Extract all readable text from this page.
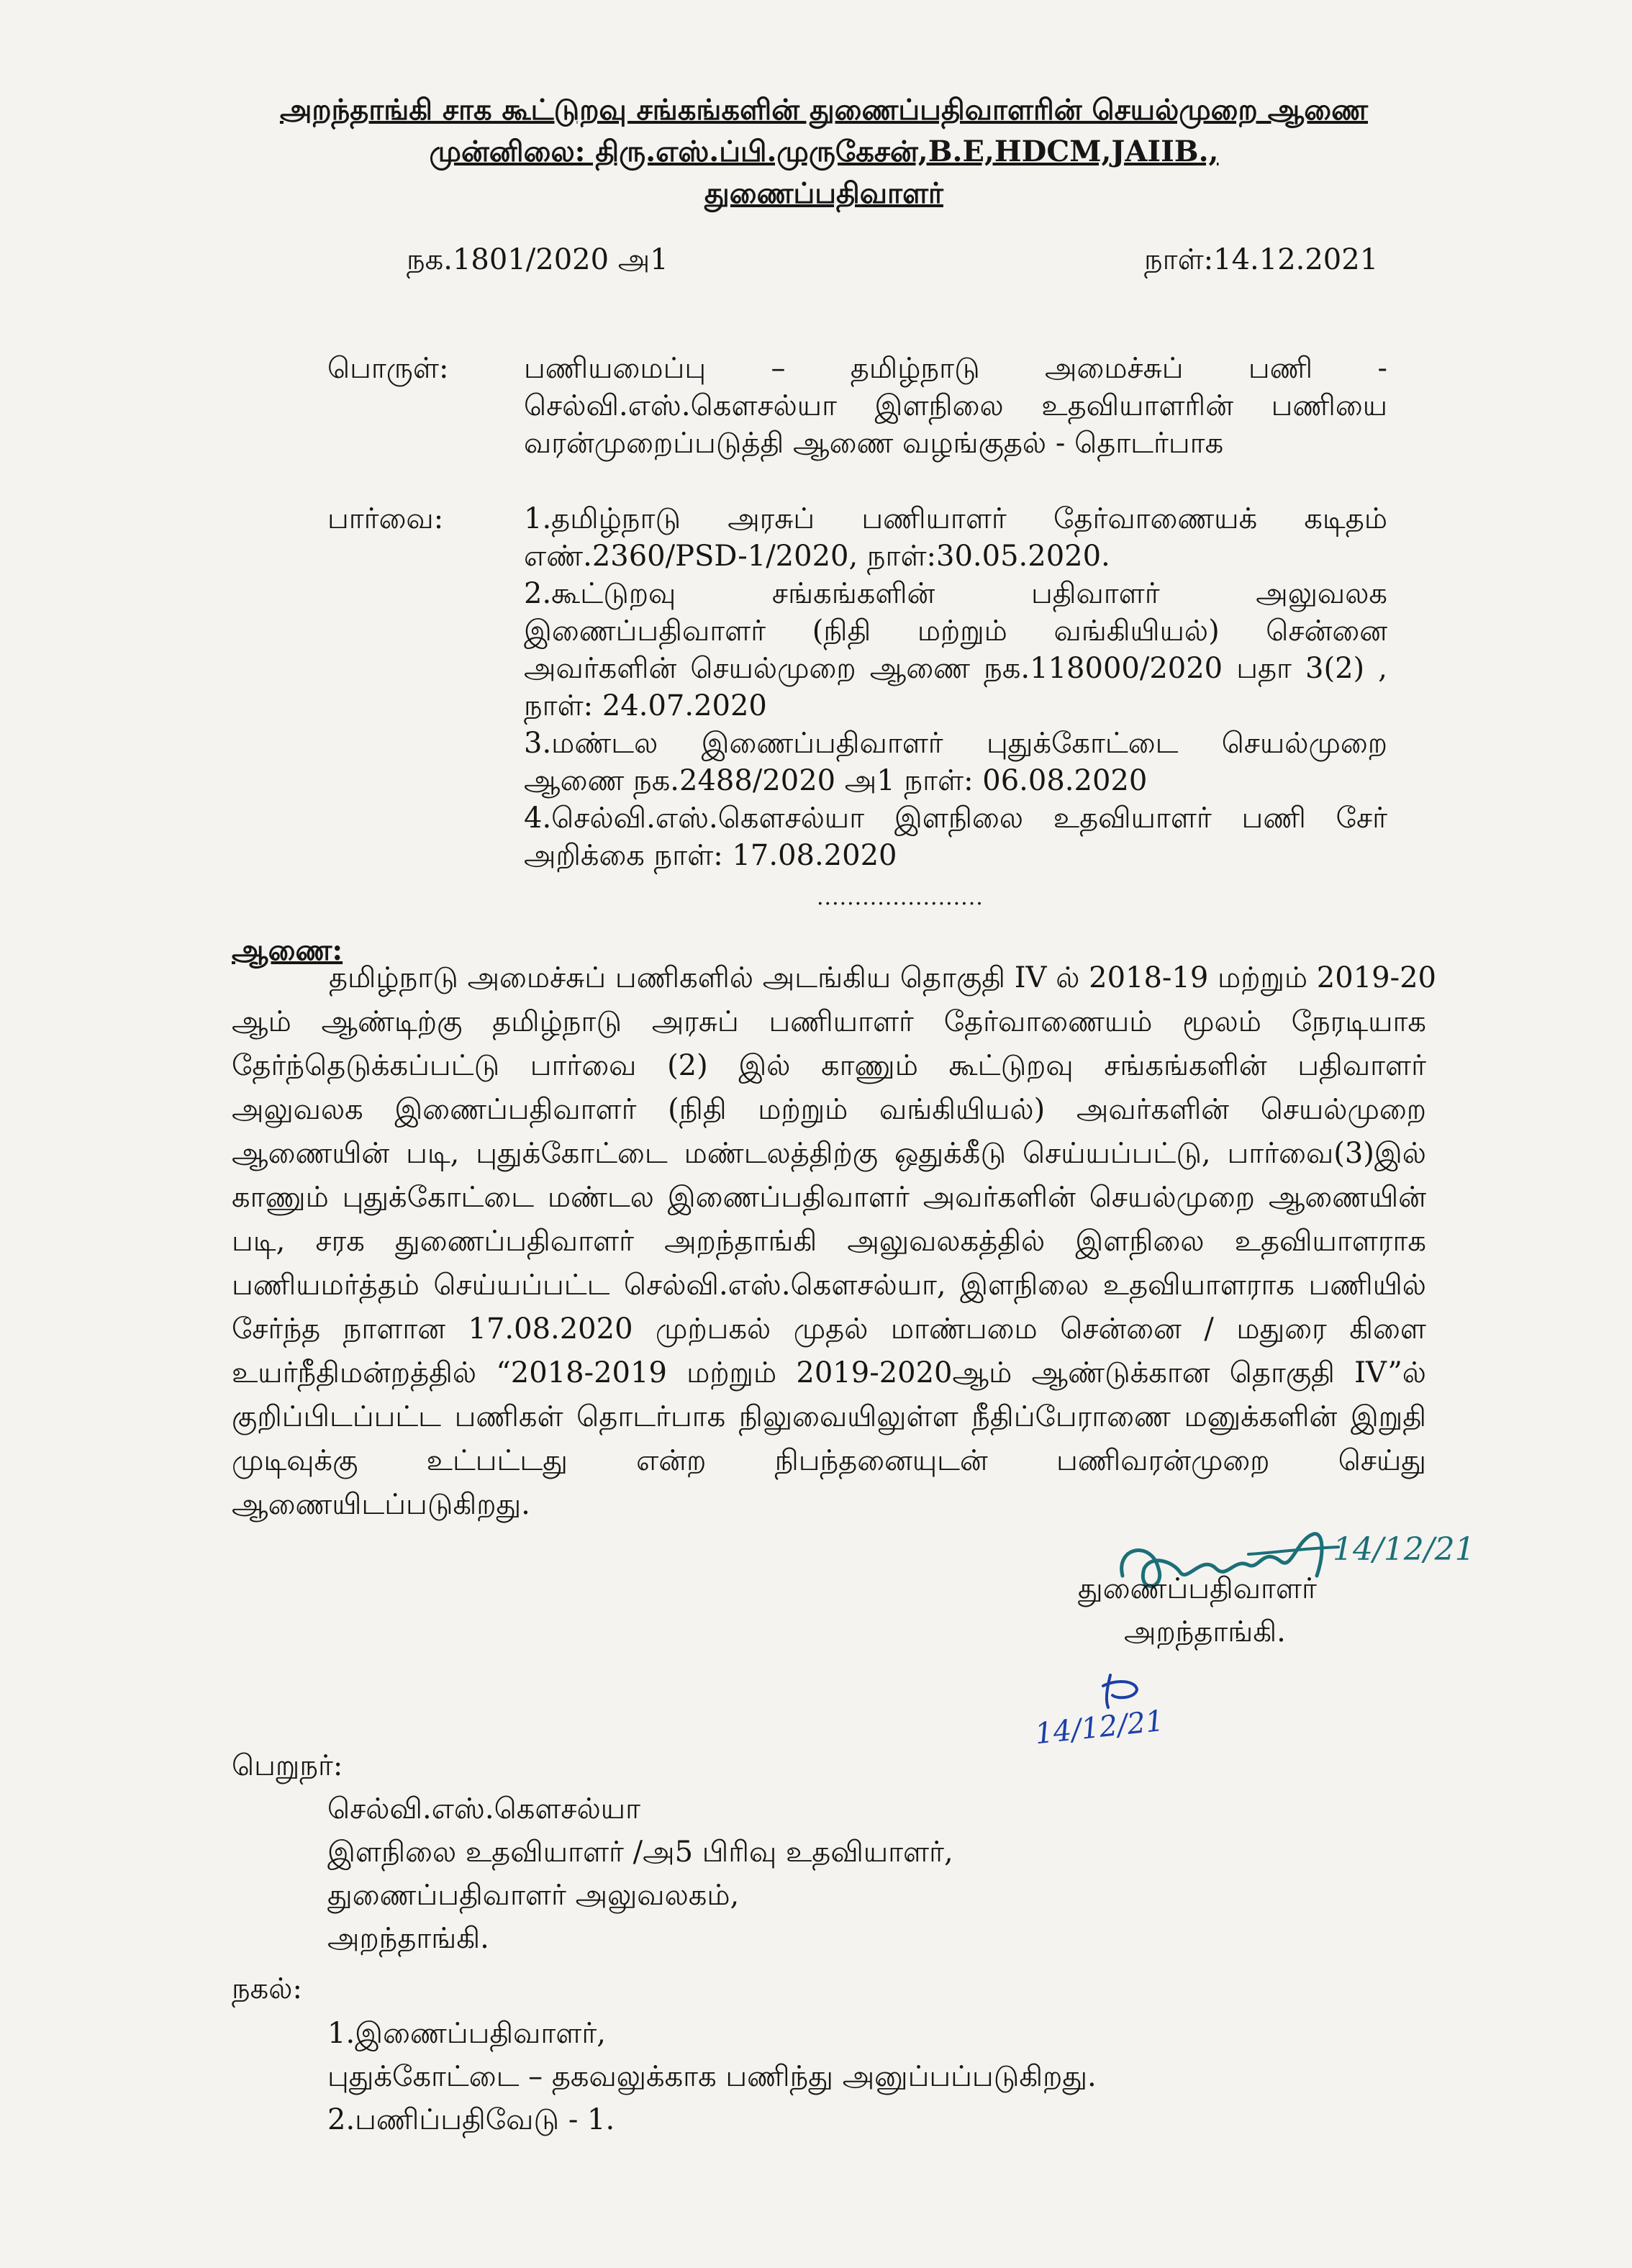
அறந்தாங்கி சாக கூட்டுறவு சங்கங்களின் துணைப்பதிவாளரின் செயல்முறை ஆணை
முன்னிலை: திரு.எஸ்.ப்பி.முருகேசன்,B.E,HDCM,JAIIB.,
துணைப்பதிவாளர்
நக.1801/2020 அ1	நாள்:14.12.2021
பொருள்:	பணியமைப்பு – தமிழ்நாடு அமைச்சுப் பணி -
செல்வி.எஸ்.கௌசல்யா இளநிலை உதவியாளரின் பணியை
வரன்முறைப்படுத்தி ஆணை வழங்குதல் - தொடர்பாக
பார்வை:	1.தமிழ்நாடு அரசுப் பணியாளர் தேர்வாணையக் கடிதம்
எண்.2360/PSD-1/2020, நாள்:30.05.2020.
2.கூட்டுறவு சங்கங்களின் பதிவாளர் அலுவலக
இணைப்பதிவாளர் (நிதி மற்றும் வங்கியியல்) சென்னை
அவர்களின் செயல்முறை ஆணை நக.118000/2020 பதா 3(2) ,
நாள்: 24.07.2020
3.மண்டல இணைப்பதிவாளர் புதுக்கோட்டை செயல்முறை
ஆணை நக.2488/2020 அ1 நாள்: 06.08.2020
4.செல்வி.எஸ்.கௌசல்யா இளநிலை உதவியாளர் பணி சேர்
அறிக்கை நாள்: 17.08.2020
......................
ஆணை:
தமிழ்நாடு அமைச்சுப் பணிகளில் அடங்கிய தொகுதி IV ல் 2018-19 மற்றும் 2019-20
ஆம் ஆண்டிற்கு தமிழ்நாடு அரசுப் பணியாளர் தேர்வாணையம் மூலம் நேரடியாக
தேர்ந்தெடுக்கப்பட்டு பார்வை (2) இல் காணும் கூட்டுறவு சங்கங்களின் பதிவாளர்
அலுவலக இணைப்பதிவாளர் (நிதி மற்றும் வங்கியியல்) அவர்களின் செயல்முறை
ஆணையின் படி, புதுக்கோட்டை மண்டலத்திற்கு ஒதுக்கீடு செய்யப்பட்டு, பார்வை(3)இல்
காணும் புதுக்கோட்டை மண்டல இணைப்பதிவாளர் அவர்களின் செயல்முறை ஆணையின்
படி, சரக துணைப்பதிவாளர் அறந்தாங்கி அலுவலகத்தில் இளநிலை உதவியாளராக
பணியமர்த்தம் செய்யப்பட்ட செல்வி.எஸ்.கௌசல்யா, இளநிலை உதவியாளராக பணியில்
சேர்ந்த நாளான 17.08.2020 முற்பகல் முதல் மாண்பமை சென்னை / மதுரை கிளை
உயர்நீதிமன்றத்தில் “2018-2019 மற்றும் 2019-2020ஆம் ஆண்டுக்கான தொகுதி IV”ல்
குறிப்பிடப்பட்ட பணிகள் தொடர்பாக நிலுவையிலுள்ள நீதிப்பேராணை மனுக்களின் இறுதி
முடிவுக்கு உட்பட்டது என்ற நிபந்தனையுடன் பணிவரன்முறை செய்து
ஆணையிடப்படுகிறது.
14/12/21
துணைப்பதிவாளர்
அறந்தாங்கி.
14/12/21
பெறுநர்:
செல்வி.எஸ்.கௌசல்யா
இளநிலை உதவியாளர் /அ5 பிரிவு உதவியாளர்,
துணைப்பதிவாளர் அலுவலகம்,
அறந்தாங்கி.
நகல்:
1.இணைப்பதிவாளர்,
புதுக்கோட்டை – தகவலுக்காக பணிந்து அனுப்பப்படுகிறது.
2.பணிப்பதிவேடு - 1.
